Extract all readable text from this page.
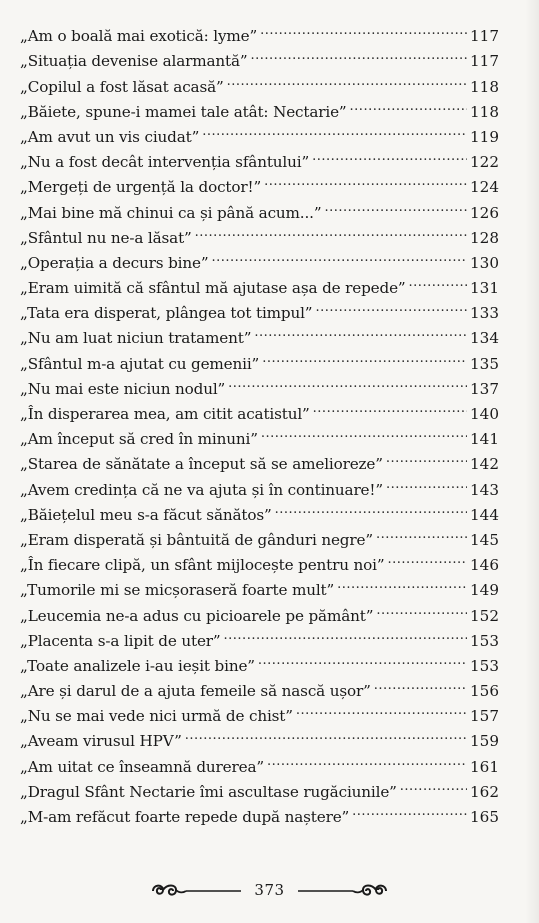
„Am o boală mai exotică: lyme” .....	117
„Situația devenise alarmantă” .....	117
„Copilul a fost lăsat acasă” .....	118
„Băiete, spune-i mamei tale atât: Nectarie” .....	118
„Am avut un vis ciudat” .....	119
„Nu a fost decât intervenția sfântului” .....	122
„Mergeți de urgență la doctor!” .....	124
„Mai bine mă chinui ca și până acum...” .....	126
„Sfântul nu ne-a lăsat” .....	128
„Operația a decurs bine” .....	130
„Eram uimită că sfântul mă ajutase așa de repede” .....	131
„Tata era disperat, plângea tot timpul” .....	133
„Nu am luat niciun tratament” .....	134
„Sfântul m-a ajutat cu gemenii” .....	135
„Nu mai este niciun nodul” .....	137
„În disperarea mea, am citit acatistul” .....	140
„Am început să cred în minuni” .....	141
„Starea de sănătate a început să se amelioreze” .....	142
„Avem credința că ne va ajuta și în continuare!” .....	143
„Băiețelul meu s-a făcut sănătos” .....	144
„Eram disperată și bântuită de gânduri negre” .....	145
„În fiecare clipă, un sfânt mijlocește pentru noi” .....	146
„Tumorile mi se micșoraseră foarte mult” .....	149
„Leucemia ne-a adus cu picioarele pe pământ” .....	152
„Placenta s-a lipit de uter” .....	153
„Toate analizele i-au ieșit bine” .....	153
„Are și darul de a ajuta femeile să nască ușor” .....	156
„Nu se mai vede nici urmă de chist” .....	157
„Aveam virusul HPV” .....	159
„Am uitat ce înseamnă durerea” .....	161
„Dragul Sfânt Nectarie îmi ascultase rugăciunile” .....	162
„M-am refăcut foarte repede după naștere” .....	165
373
